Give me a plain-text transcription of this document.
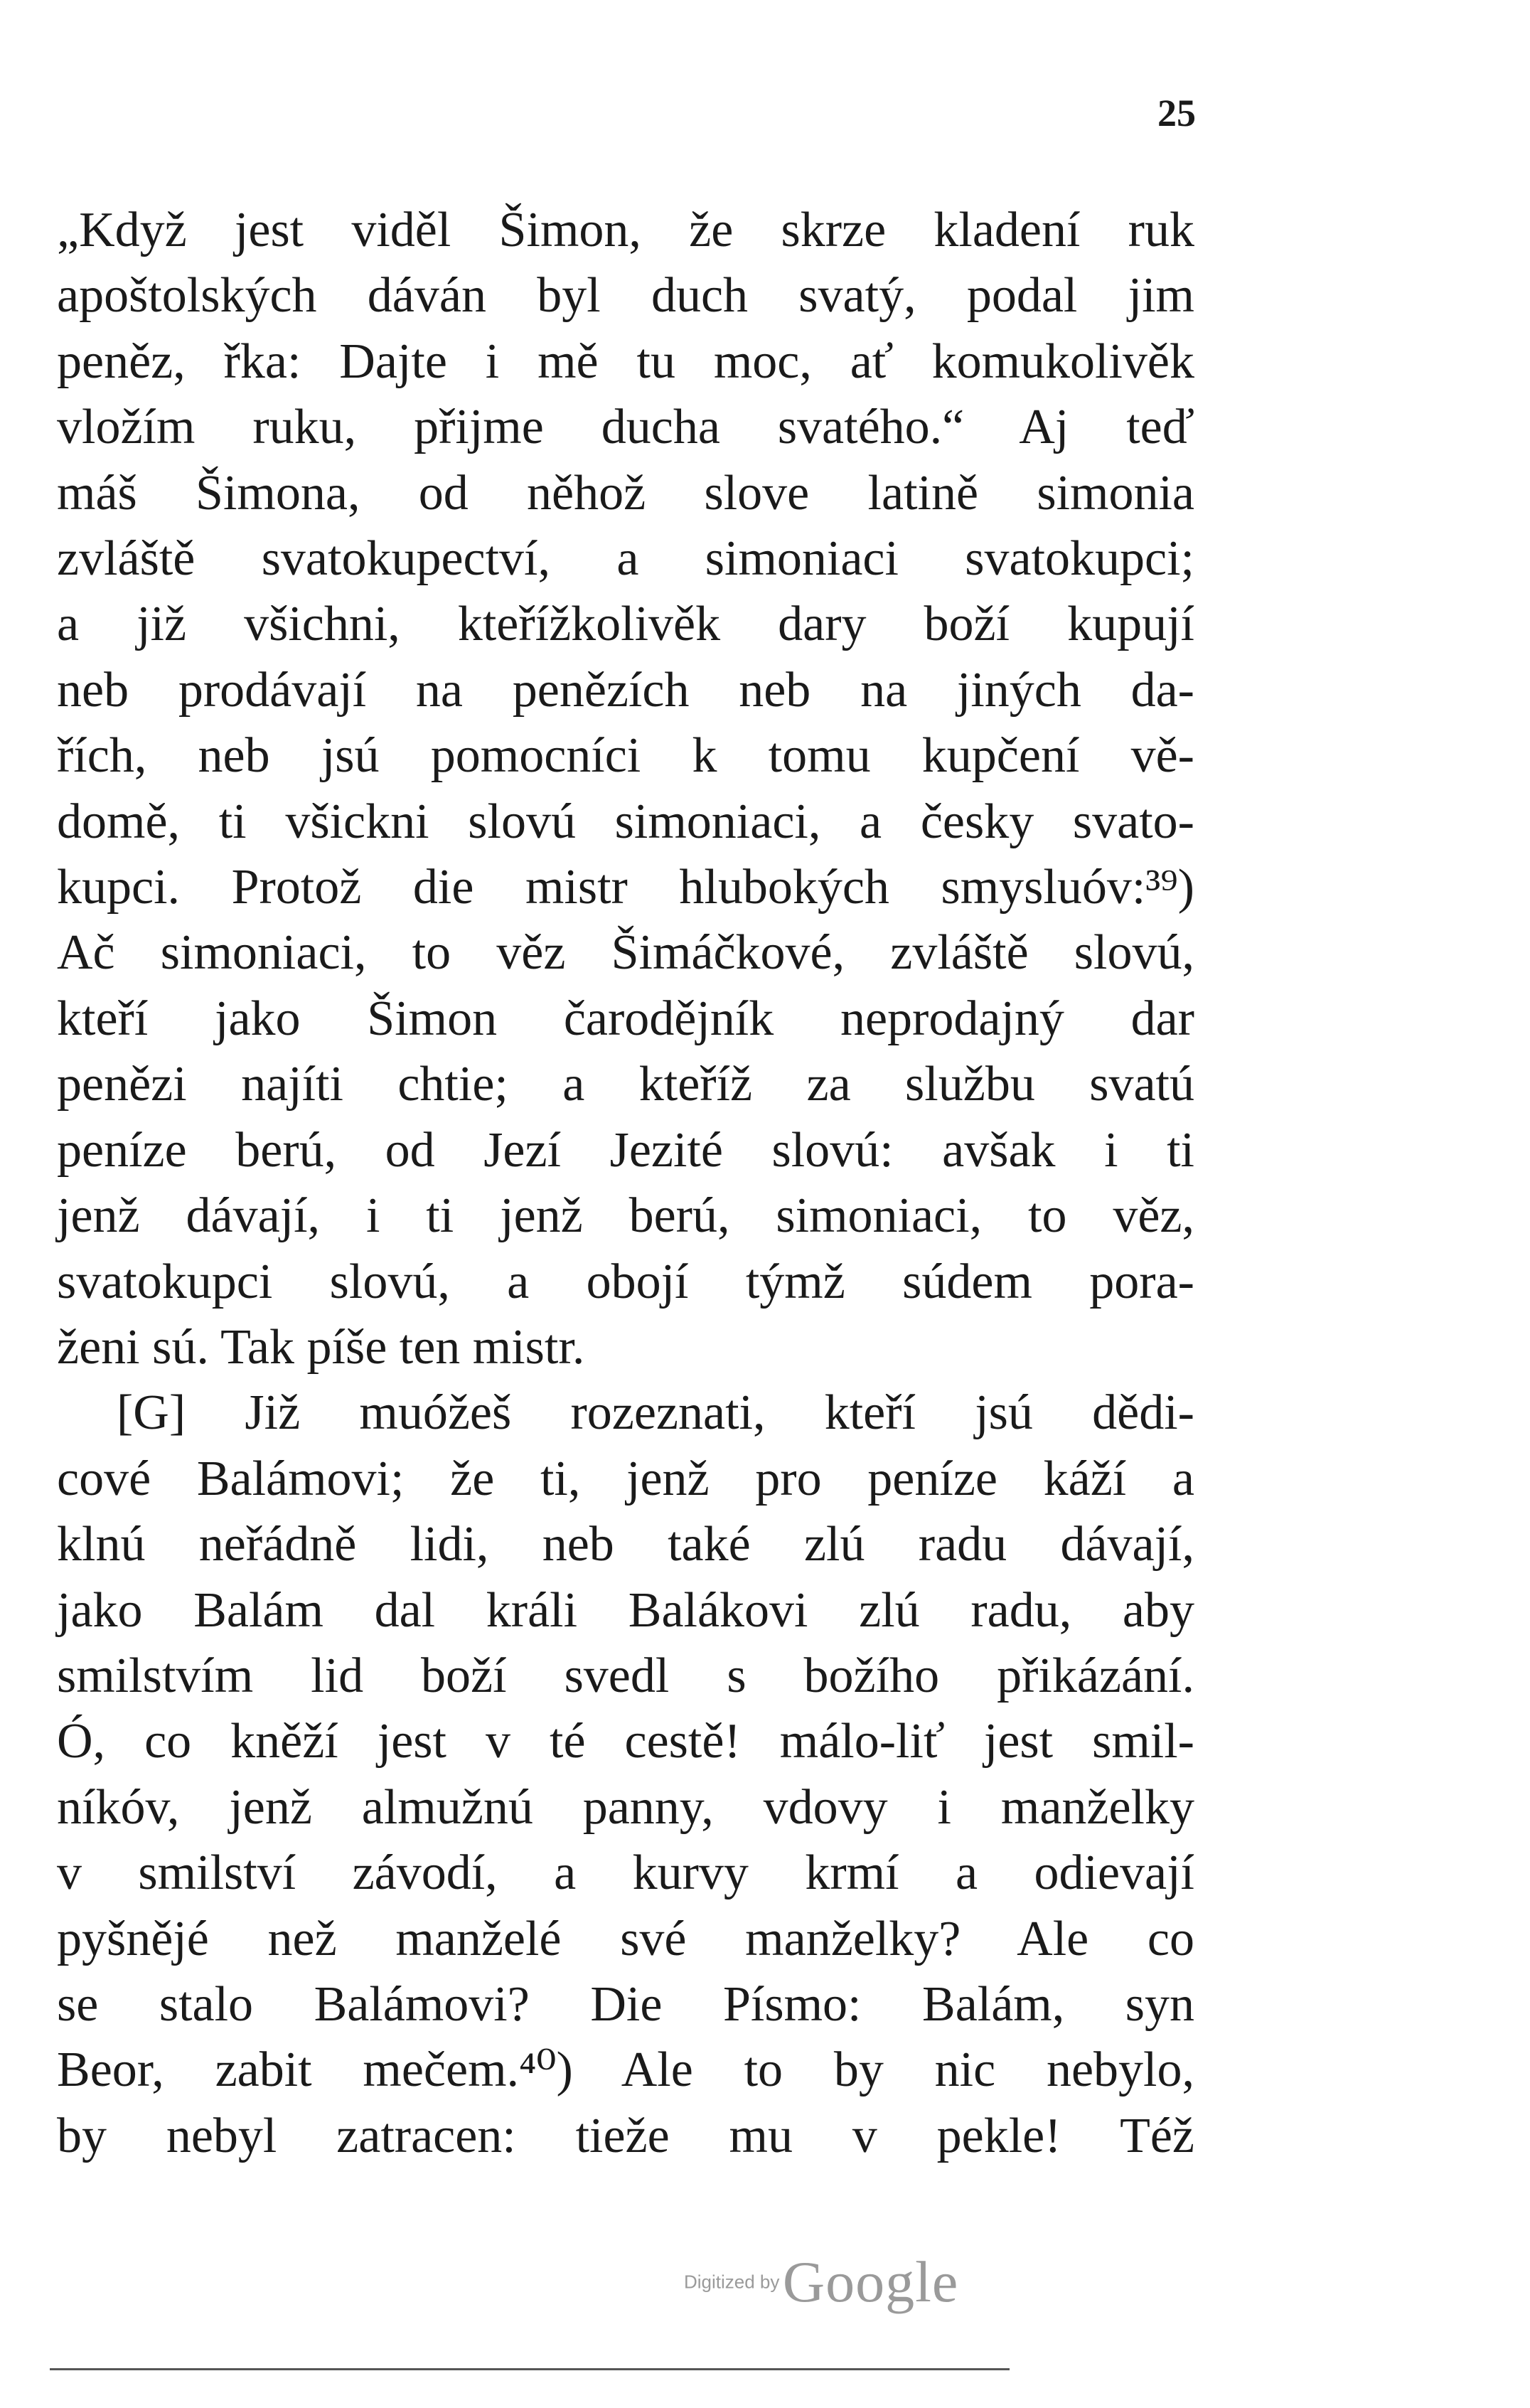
25
„Když jest viděl Šimon, že skrze kladení ruk
apoštolských dáván byl duch svatý, podal jim
peněz, řka: Dajte i mě tu moc, ať komukolivěk
vložím ruku, přijme ducha svatého.“ Aj teď
máš Šimona, od něhož slove latině simonia
zvláště svatokupectví, a simoniaci svatokupci;
a již všichni, kteřížkolivěk dary boží kupují
neb prodávají na penězích neb na jiných da-
řích, neb jsú pomocníci k tomu kupčení vě-
domě, ti všickni slovú simoniaci, a česky svato-
kupci. Protož die mistr hlubokých smysluóv:³⁹)
Ač simoniaci, to věz Šimáčkové, zvláště slovú,
kteří jako Šimon čarodějník neprodajný dar
penězi najíti chtie; a kteříž za službu svatú
peníze berú, od Jezí Jezité slovú: avšak i ti
jenž dávají, i ti jenž berú, simoniaci, to věz,
svatokupci slovú, a obojí týmž súdem pora-
ženi sú. Tak píše ten mistr.
[G] Již muóžeš rozeznati, kteří jsú dědi-
cové Balámovi; že ti, jenž pro peníze káží a
klnú neřádně lidi, neb také zlú radu dávají,
jako Balám dal králi Balákovi zlú radu, aby
smilstvím lid boží svedl s božího přikázání.
Ó, co kněží jest v té cestě! málo-liť jest smil-
níkóv, jenž almužnú panny, vdovy i manželky
v smilství závodí, a kurvy krmí a odievají
pyšnějé než manželé své manželky? Ale co
se stalo Balámovi? Die Písmo: Balám, syn
Beor, zabit mečem.⁴⁰) Ale to by nic nebylo,
by nebyl zatracen: tieže mu v pekle! Též
Digitized by Google
